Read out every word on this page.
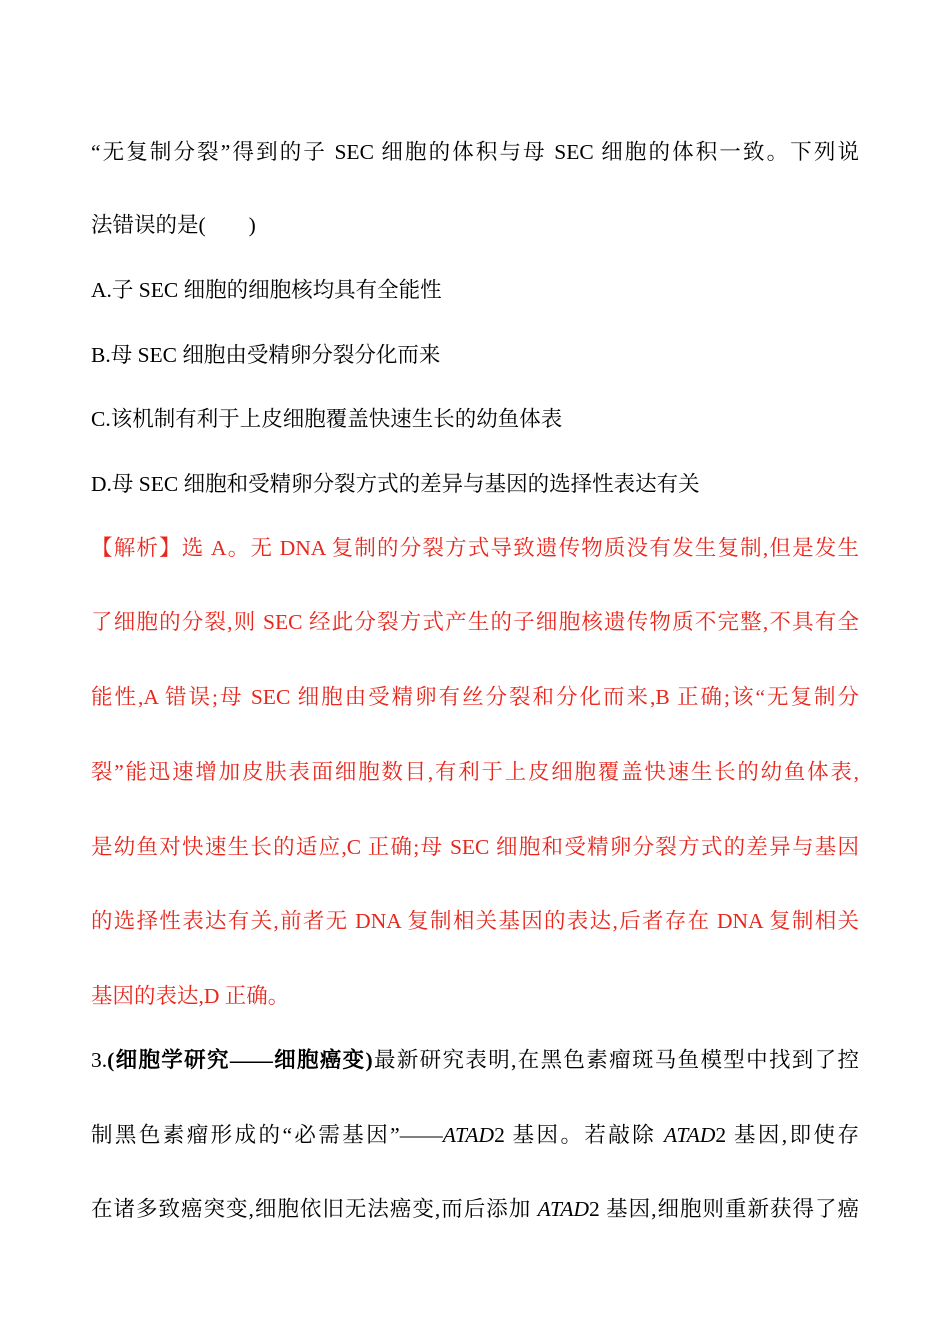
“无复制分裂”得到的子 SEC 细胞的体积与母 SEC 细胞的体积一致。下列说
法错误的是(　　)
A.子 SEC 细胞的细胞核均具有全能性
B.母 SEC 细胞由受精卵分裂分化而来
C.该机制有利于上皮细胞覆盖快速生长的幼鱼体表
D.母 SEC 细胞和受精卵分裂方式的差异与基因的选择性表达有关
【解析】选 A。无 DNA 复制的分裂方式导致遗传物质没有发生复制,但是发生
了细胞的分裂,则 SEC 经此分裂方式产生的子细胞核遗传物质不完整,不具有全
能性,A 错误;母 SEC 细胞由受精卵有丝分裂和分化而来,B 正确;该“无复制分
裂”能迅速增加皮肤表面细胞数目,有利于上皮细胞覆盖快速生长的幼鱼体表,
是幼鱼对快速生长的适应,C 正确;母 SEC 细胞和受精卵分裂方式的差异与基因
的选择性表达有关,前者无 DNA 复制相关基因的表达,后者存在 DNA 复制相关
基因的表达,D 正确。
3.(细胞学研究——细胞癌变)最新研究表明,在黑色素瘤斑马鱼模型中找到了控
制黑色素瘤形成的“必需基因”——ATAD2 基因。若敲除 ATAD2 基因,即使存
在诸多致癌突变,细胞依旧无法癌变,而后添加 ATAD2 基因,细胞则重新获得了癌
